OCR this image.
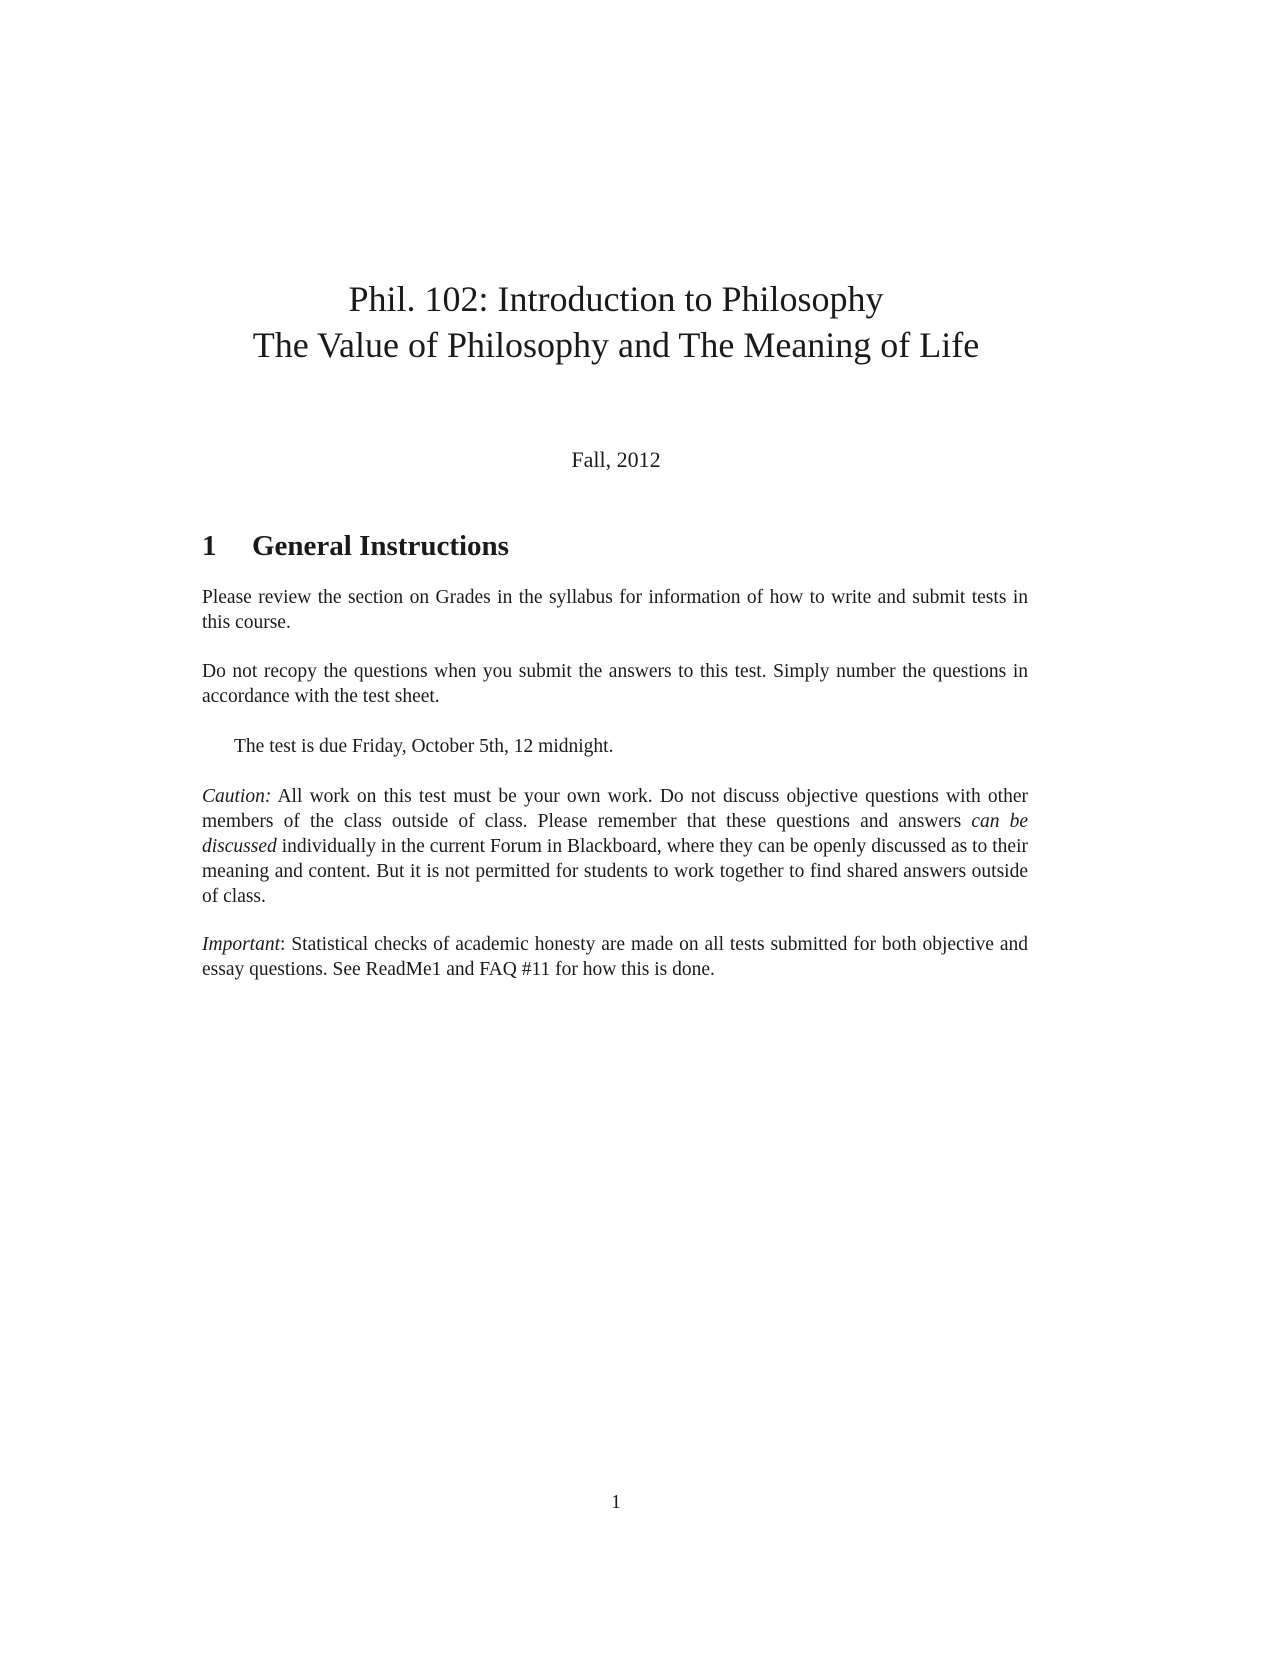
Phil. 102: Introduction to Philosophy
The Value of Philosophy and The Meaning of Life
Fall, 2012
1 General Instructions
Please review the section on Grades in the syllabus for information of how to write and submit tests in this course.
Do not recopy the questions when you submit the answers to this test. Simply number the questions in accordance with the test sheet.
The test is due Friday, October 5th, 12 midnight.
Caution: All work on this test must be your own work. Do not discuss objective questions with other members of the class outside of class. Please remember that these questions and answers can be discussed individually in the current Forum in Blackboard, where they can be openly discussed as to their meaning and content. But it is not permitted for students to work together to find shared answers outside of class.
Important: Statistical checks of academic honesty are made on all tests submitted for both objective and essay questions. See ReadMe1 and FAQ #11 for how this is done.
1
